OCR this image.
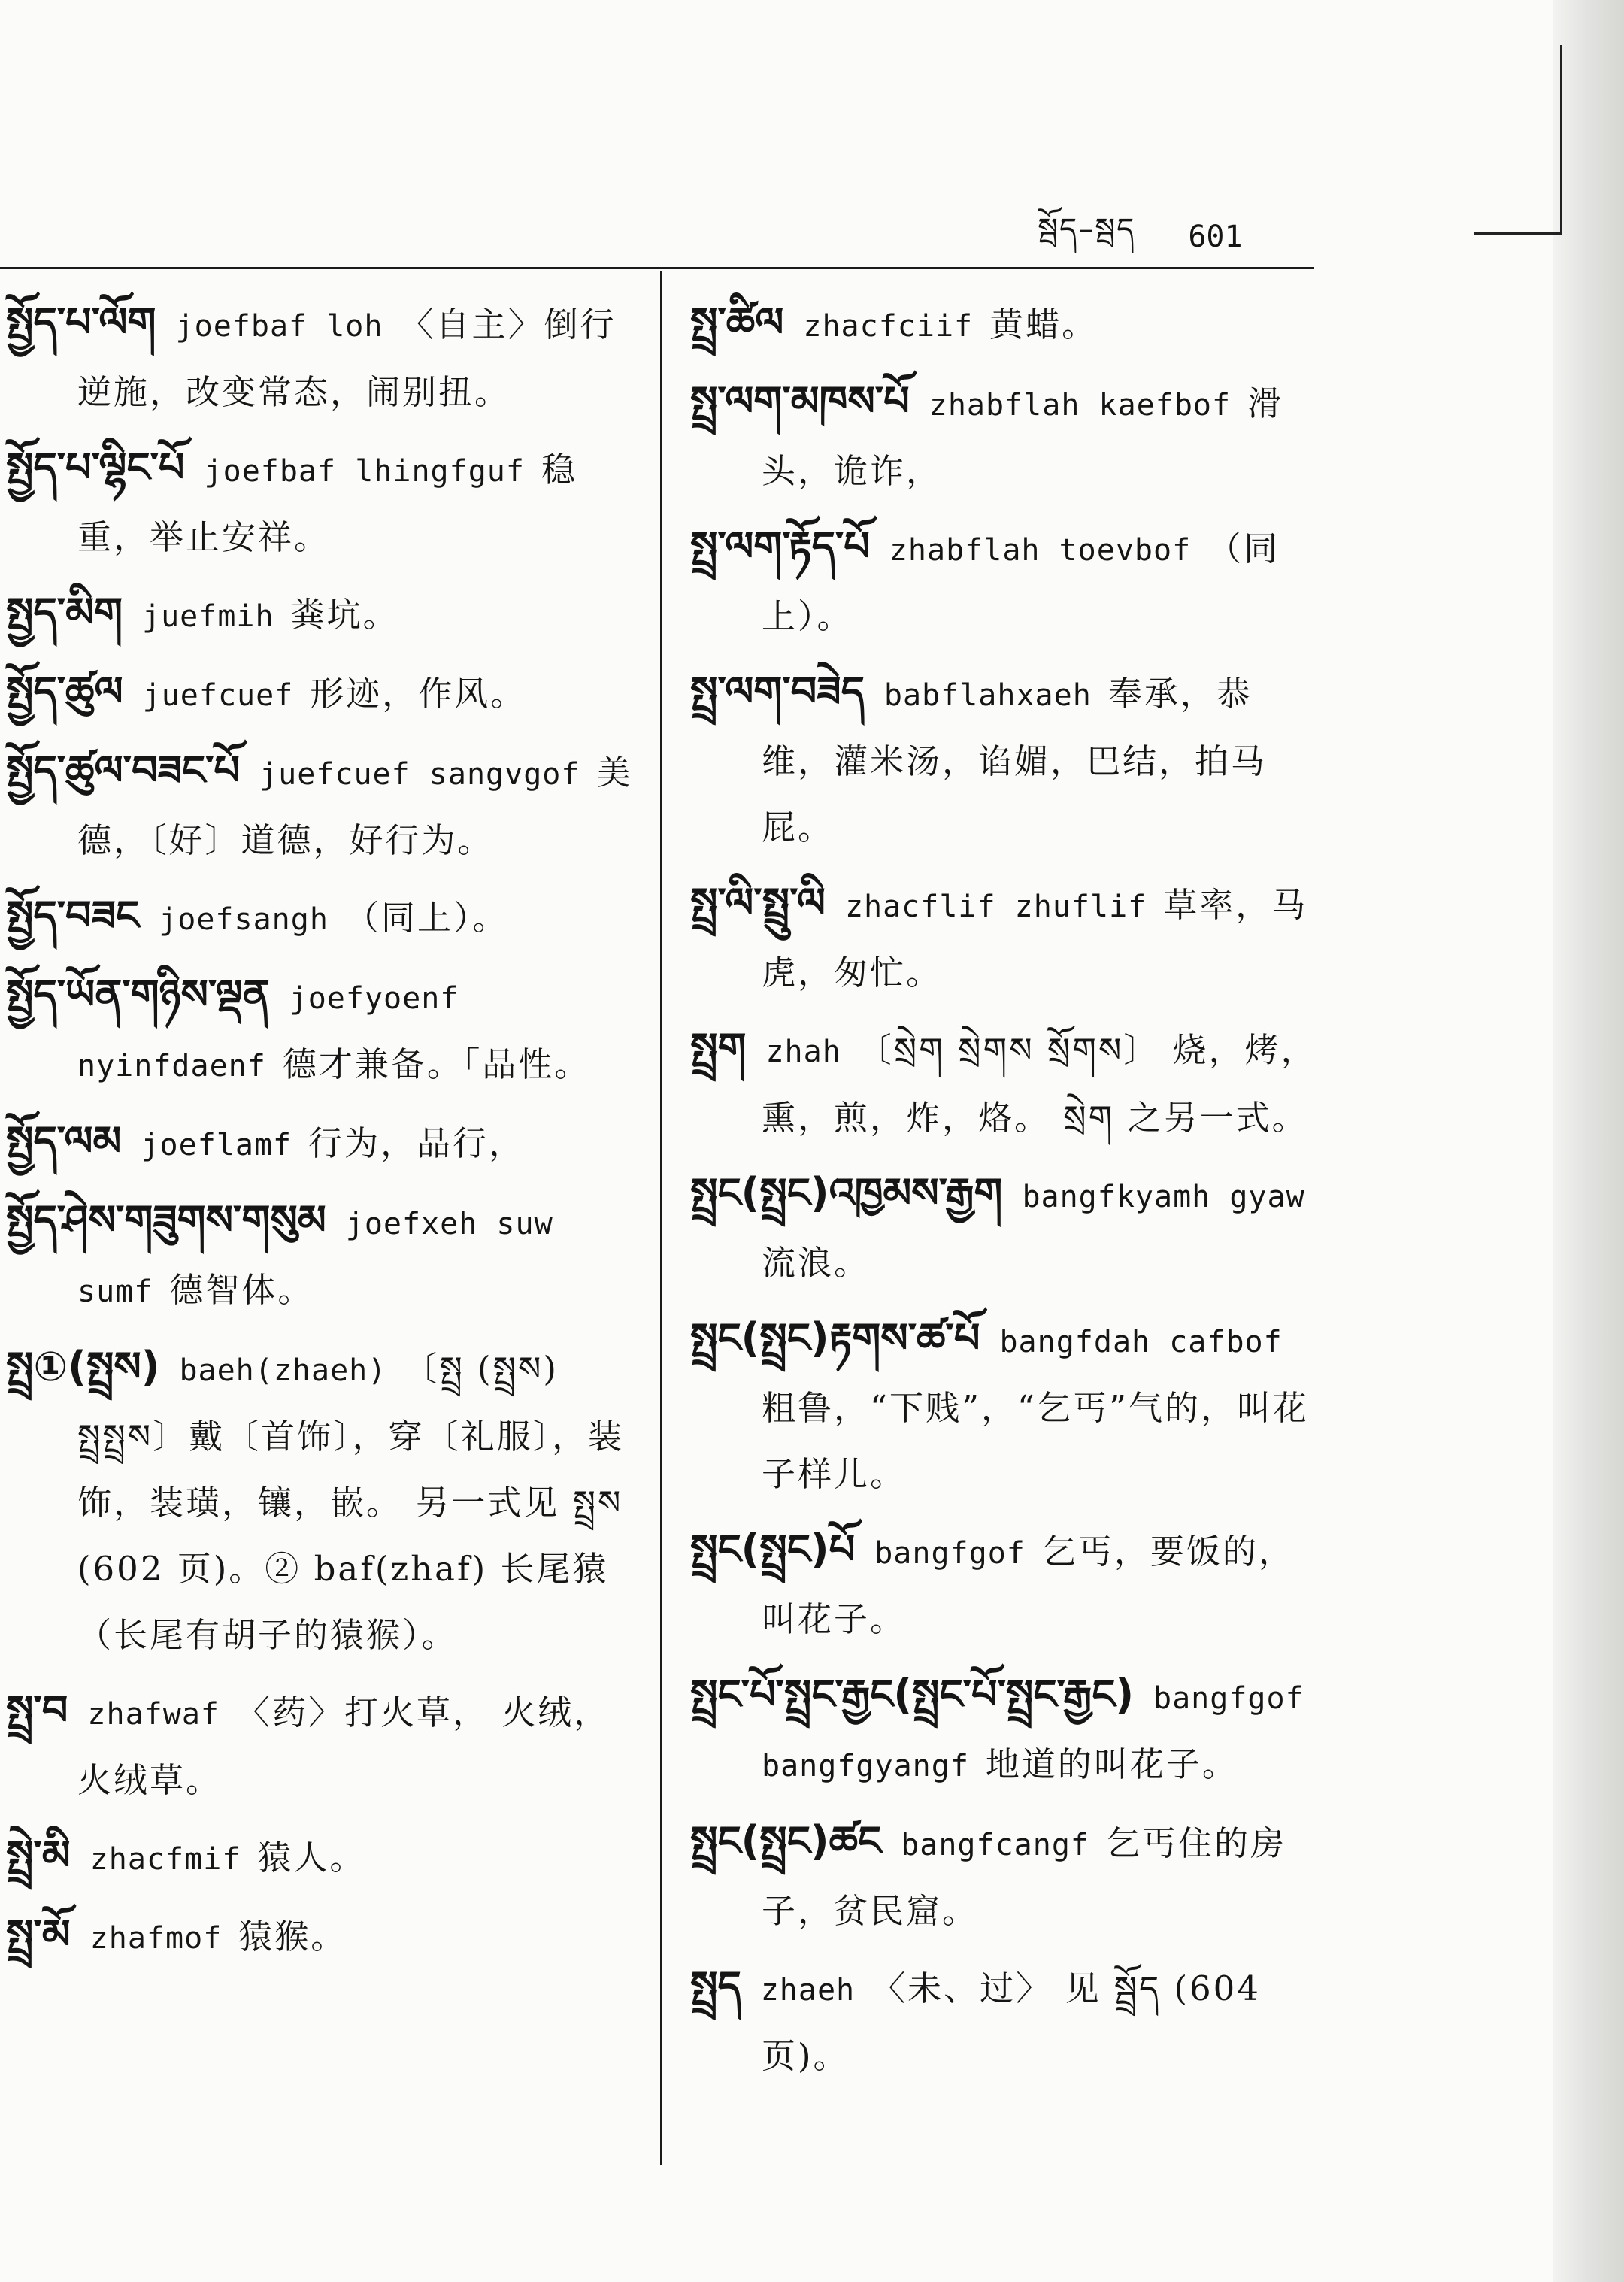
སྦོད–སྦད 601
སྤྱོད་པ་ལོག joefbaf loh 〈自主〉倒行逆施，改变常态，闹别扭。
སྤྱོད་པ་ལྷིང་པོ joefbaf lhingfguf 稳重，举止安祥。
སྤྱད་མིག juefmih 粪坑。
སྤྱོད་ཚུལ juefcuef 形迹，作风。
སྤྱོད་ཚུལ་བཟང་པོ juefcuef sangvgof 美德，〔好〕道德，好行为。
སྤྱོད་བཟང joefsangh （同上）。
སྤྱོད་ཡོན་གཉིས་ལྡན joefyoenf nyinfdaenf 德才兼备。「品性。
སྤྱོད་ལམ joeflamf 行为，品行，
སྤྱོད་ཤེས་གཟུགས་གསུམ joefxeh suw sumf 德智体。
སྤྲ①(སྤྲས) baeh(zhaeh) 〔སྤྲ (སྤྲས) སྤྲསྤྲས〕戴〔首饰〕，穿〔礼服〕，装饰，装璜，镶，嵌。 另一式见 སྤྲས (602 页)。② baf(zhaf) 长尾猿（长尾有胡子的猿猴）。
སྤྲ་བ zhafwaf 〈药〉打火草， 火绒，火绒草。
སྤྲེ་མི zhacfmif 猿人。
སྤྲ་མོ zhafmof 猿猴。
སྤྲ་ཚིལ zhacfciif 黄蜡。
སྤྲ་ལག་མཁས་པོ zhabflah kaefbof 滑头，诡诈，
སྤྲ་ལག་རྟོད་པོ zhabflah toevbof （同上）。
སྤྲ་ལག་བཟེད babflahxaeh 奉承，恭维，灌米汤，谄媚，巴结，拍马屁。
སྤྲ་ལི་སྤྲུ་ལི zhacflif zhuflif 草率，马虎，匆忙。
སྤྲག zhah 〔སྲེག སྲེགས སྲོགས〕 烧，烤，熏，煎，炸，烙。 སྲེག 之另一式。
སྤྲང(སྤྲང)འཁྱམས་རྒྱག bangfkyamh gyaw流浪。
སྤྲང(སྤྲང)རྟགས་ཚ་པོ bangfdah cafbof粗鲁，“下贱”，“乞丐”气的，叫花子样儿。
སྤྲང(སྤྲང)པོ bangfgof 乞丐，要饭的，叫花子。
སྤྲང་པོ་སྤྲང་རྒྱང(སྤྲང་པོ་སྤྲང་རྒྱང) bangfgof bangfgyangf 地道的叫花子。
སྤྲང(སྤྲང)ཚང bangfcangf 乞丐住的房子，贫民窟。
སྤྲད zhaeh 〈未、过〉 见 སྦྲོད (604页)。
